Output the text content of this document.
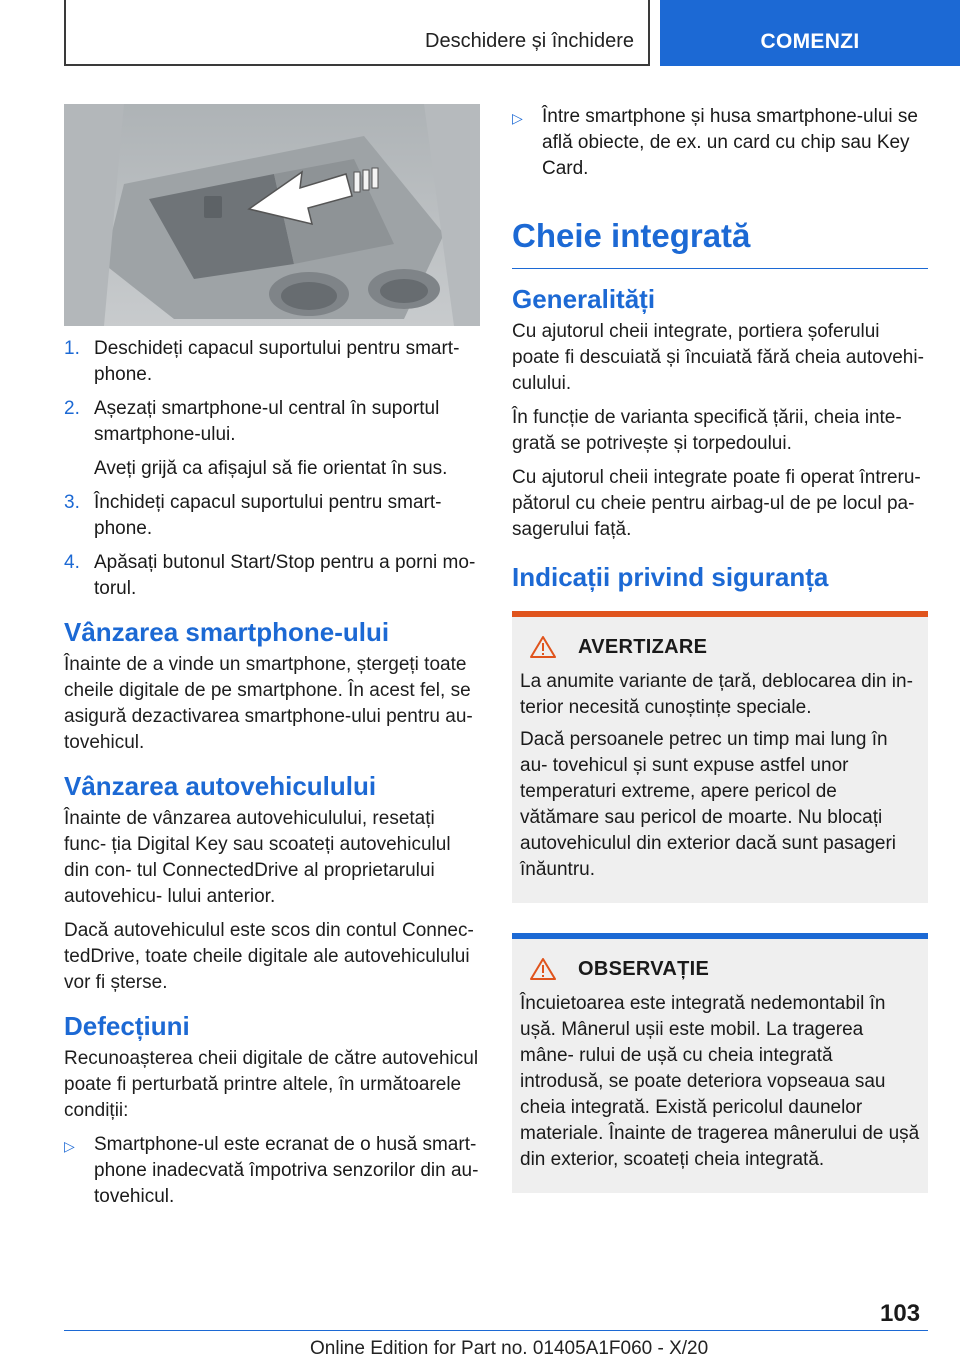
Deschidere și închidere	COMENZI
1. Deschideți capacul suportului pentru smart- phone.
2. Așezați smartphone-ul central în suportul smartphone-ului.
Aveți grijă ca afișajul să fie orientat în sus.
3. Închideți capacul suportului pentru smart- phone.
4. Apăsați butonul Start/Stop pentru a porni mo- torul.
Vânzarea smartphone-ului

Înainte de a vinde un smartphone, ștergeți toate cheile digitale de pe smartphone. În acest fel, se asigură dezactivarea smartphone-ului pentru au- tovehicul.

Vânzarea autovehiculului

Înainte de vânzarea autovehiculului, resetați func- ția Digital Key sau scoateți autovehiculul din con- tul ConnectedDrive al proprietarului autovehicu- lului anterior.

Dacă autovehiculul este scos din contul Connec- tedDrive, toate cheile digitale ale autovehiculului vor fi șterse.

Defecțiuni

Recunoașterea cheii digitale de către autovehicul poate fi perturbată printre altele, în următoarele condiții:

▷	Smartphone-ul este ecranat de o husă smart- phone inadecvată împotriva senzorilor din au- tovehicul.
▷	Între smartphone și husa smartphone-ului se află obiecte, de ex. un card cu chip sau Key Card.
Cheie integrată
Generalități

Cu ajutorul cheii integrate, portiera șoferului poate fi descuiată și încuiată fără cheia autovehi- culului.

În funcție de varianta specifică țării, cheia inte- grată se potrivește și torpedoului.

Cu ajutorul cheii integrate poate fi operat întreru- pătorul cu cheie pentru airbag-ul de pe locul pa- sagerului față.

Indicații privind siguranța
AVERTIZARE

La anumite variante de țară, deblocarea din in- terior necesită cunoștințe speciale.

Dacă persoanele petrec un timp mai lung în au- tovehicul și sunt expuse astfel unor temperaturi extreme, apere pericol de vătămare sau pericol de moarte. Nu blocați autovehiculul din exterior dacă sunt pasageri înăuntru.

OBSERVAȚIE

Încuietoarea este integrată nedemontabil în ușă. Mânerul ușii este mobil. La tragerea mâne- rului de ușă cu cheia integrată introdusă, se poate deteriora vopseaua sau cheia integrată. Există pericolul daunelor materiale. Înainte de tragerea mânerului de ușă din exterior, scoateți cheia integrată.

103
Online Edition for Part no. 01405A1F060 - X/20
